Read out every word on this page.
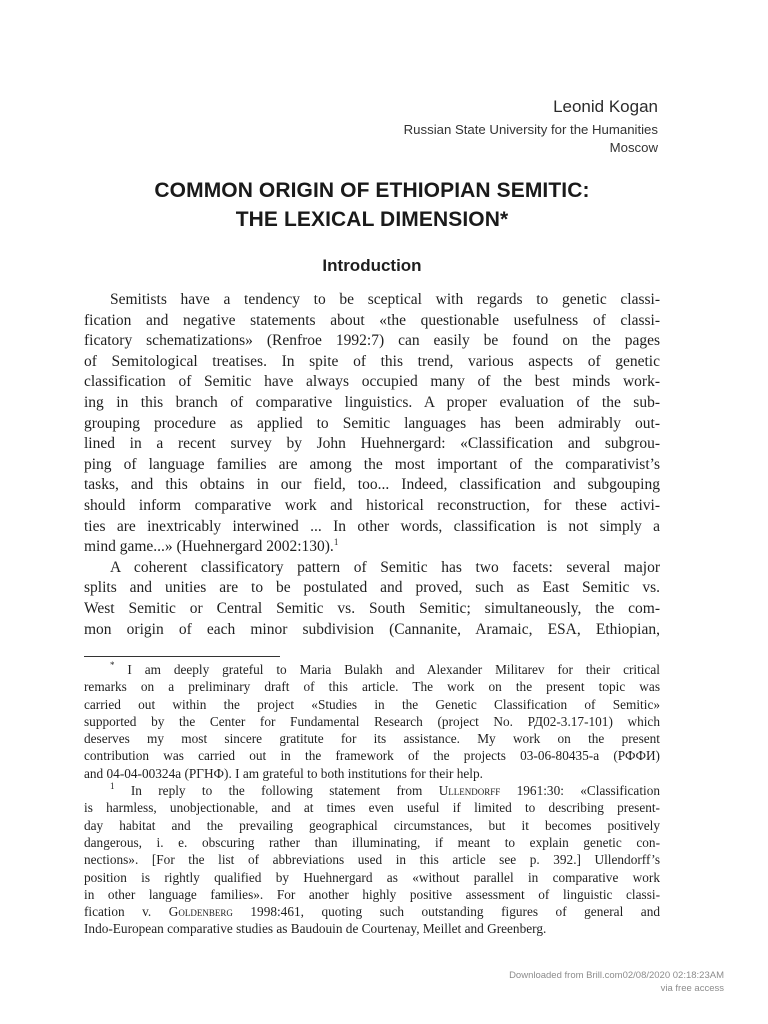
Leonid Kogan
Russian State University for the Humanities
Moscow
COMMON ORIGIN OF ETHIOPIAN SEMITIC:
THE LEXICAL DIMENSION*
Introduction
Semitists have a tendency to be sceptical with regards to genetic classi-
fication and negative statements about «the questionable usefulness of classi-
ficatory schematizations» (Renfroe 1992:7) can easily be found on the pages
of Semitological treatises. In spite of this trend, various aspects of genetic
classification of Semitic have always occupied many of the best minds work-
ing in this branch of comparative linguistics. A proper evaluation of the sub-
grouping procedure as applied to Semitic languages has been admirably out-
lined in a recent survey by John Huehnergard: «Classification and subgrou-
ping of language families are among the most important of the comparativist’s
tasks, and this obtains in our field, too... Indeed, classification and subgouping
should inform comparative work and historical reconstruction, for these activi-
ties are inextricably interwined ... In other words, classification is not simply a
mind game...» (Huehnergard 2002:130).$^1$
A coherent classificatory pattern of Semitic has two facets: several major
splits and unities are to be postulated and proved, such as East Semitic vs.
West Semitic or Central Semitic vs. South Semitic; simultaneously, the com-
mon origin of each minor subdivision (Cannanite, Aramaic, ESA, Ethiopian,
* I am deeply grateful to Maria Bulakh and Alexander Militarev for their critical
remarks on a preliminary draft of this article. The work on the present topic was
carried out within the project «Studies in the Genetic Classification of Semitic»
supported by the Center for Fundamental Research (project No. РД02-3.17-101) which
deserves my most sincere gratitute for its assistance. My work on the present
contribution was carried out in the framework of the projects 03-06-80435-a (РФФИ)
and 04-04-00324a (РГНФ). I am grateful to both institutions for their help.
$^1$ In reply to the following statement from Ullendorff 1961:30: «Classification
is harmless, unobjectionable, and at times even useful if limited to describing present-
day habitat and the prevailing geographical circumstances, but it becomes positively
dangerous, i. e. obscuring rather than illuminating, if meant to explain genetic con-
nections». [For the list of abbreviations used in this article see p. 392.] Ullendorff’s
position is rightly qualified by Huehnergard as «without parallel in comparative work
in other language families». For another highly positive assessment of linguistic classi-
fication v. Goldenberg 1998:461, quoting such outstanding figures of general and
Indo-European comparative studies as Baudouin de Courtenay, Meillet and Greenberg.
Downloaded from Brill.com02/08/2020 02:18:23AM
via free access
